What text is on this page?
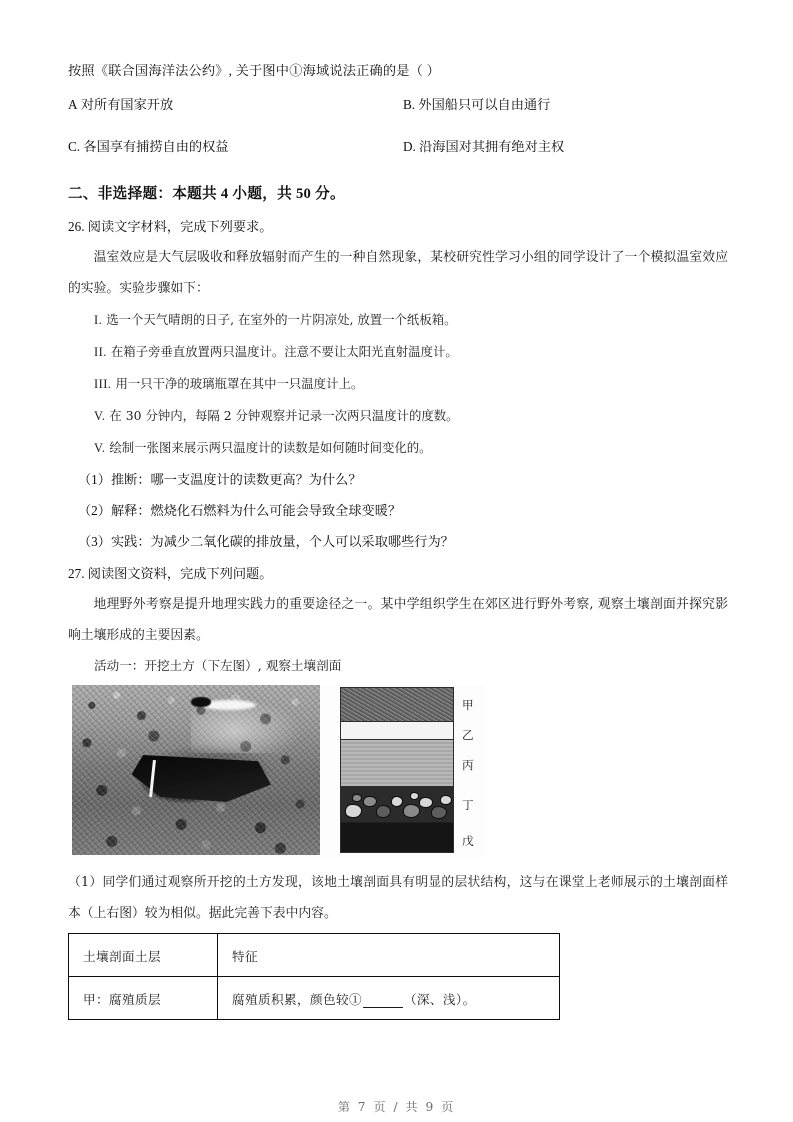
按照《联合国海洋法公约》, 关于图中①海域说法正确的是（ ）
A 对所有国家开放	B. 外国船只可以自由通行
C. 各国享有捕捞自由的权益	D. 沿海国对其拥有绝对主权
二、非选择题：本题共 4 小题，共 50 分。
26. 阅读文字材料，完成下列要求。
温室效应是大气层吸收和释放辐射而产生的一种自然现象，某校研究性学习小组的同学设计了一个模拟温室效应的实验。实验步骤如下：
I. 选一个天气晴朗的日子, 在室外的一片阴凉处, 放置一个纸板箱。
II. 在箱子旁垂直放置两只温度计。注意不要让太阳光直射温度计。
III. 用一只干净的玻璃瓶罩在其中一只温度计上。
V. 在 30 分钟内，每隔 2 分钟观察并记录一次两只温度计的度数。
V. 绘制一张图来展示两只温度计的读数是如何随时间变化的。
（1）推断：哪一支温度计的读数更高？为什么？
（2）解释：燃烧化石燃料为什么可能会导致全球变暖？
（3）实践：为减少二氧化碳的排放量，个人可以采取哪些行为？
27. 阅读图文资料，完成下列问题。
地理野外考察是提升地理实践力的重要途径之一。某中学组织学生在郊区进行野外考察, 观察土壤剖面并探究影响土壤形成的主要因素。
活动一：开挖土方（下左图）, 观察土壤剖面
甲
乙
丙
丁
戊
（1）同学们通过观察所开挖的土方发现，该地土壤剖面具有明显的层状结构，这与在课堂上老师展示的土壤剖面样本（上右图）较为相似。据此完善下表中内容。
土壤剖面土层	特征
甲：腐殖质层	腐殖质积累，颜色较① （深、浅）。
第 7 页 / 共 9 页
